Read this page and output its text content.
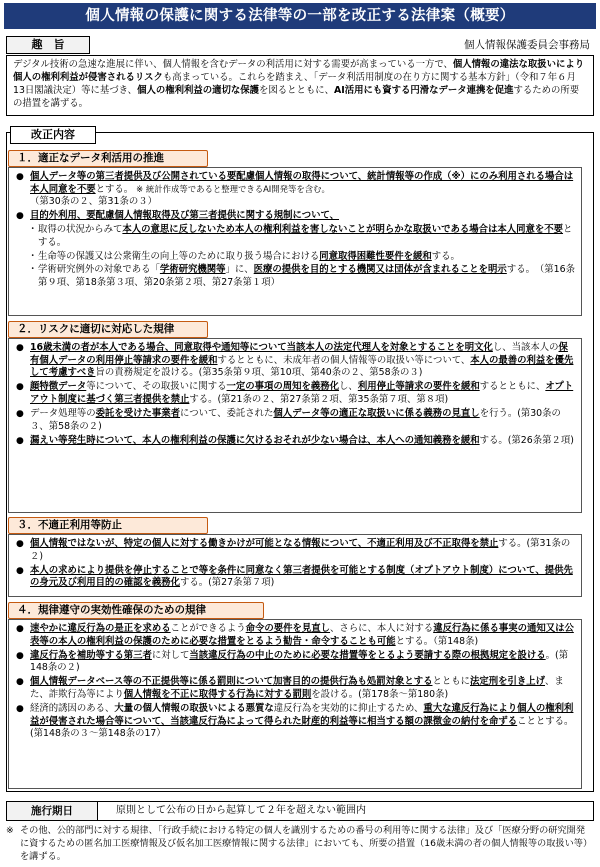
個人情報の保護に関する法律等の一部を改正する法律案（概要）
趣　旨	個人情報保護委員会事務局
デジタル技術の急速な進展に伴い、個人情報を含むデータの利活用に対する需要が高まっている一方で、個人情報の違法な取扱いにより個人の権利利益が侵害されるリスクも高まっている。これらを踏まえ、「データ利活用制度の在り方に関する基本方針」（令和７年６月13日閣議決定）等に基づき、個人の権利利益の適切な保護を図るとともに、AI活用にも資する円滑なデータ連携を促進するための所要の措置を講ずる。
改正内容
１．適正なデータ利活用の推進
● 個人データ等の第三者提供及び公開されている要配慮個人情報の取得について、統計情報等の作成（※）にのみ利用される場合は本人同意を不要とする。 ※ 統計作成等であると整理できるAI開発等を含む。
（第30条の２、第31条の３）
● 目的外利用、要配慮個人情報取得及び第三者提供に関する規制について、
・ 取得の状況からみて本人の意思に反しないため本人の権利利益を害しないことが明らかな取扱いである場合は本人同意を不要とする。
・ 生命等の保護又は公衆衛生の向上等のために取り扱う場合における同意取得困難性要件を緩和する。
・ 学術研究例外の対象である「学術研究機関等」に、医療の提供を目的とする機関又は団体が含まれることを明示する。　（第16条第９項、第18条第３項、第20条第２項、第27条第１項）
２．リスクに適切に対応した規律
● 16歳未満の者が本人である場合、同意取得や通知等について当該本人の法定代理人を対象とすることを明文化し、当該本人の保有個人データの利用停止等請求の要件を緩和するとともに、未成年者の個人情報等の取扱い等について、本人の最善の利益を優先して考慮すべき旨の責務規定を設ける。(第35条第９項、第10項、第40条の２、第58条の３)
● 顔特徴データ等について、その取扱いに関する一定の事項の周知を義務化し、利用停止等請求の要件を緩和するとともに、オプトアウト制度に基づく第三者提供を禁止する。(第21条の２、第27条第２項、第35条第７項、第８項)
● データ処理等の委託を受けた事業者について、委託された個人データ等の適正な取扱いに係る義務の見直しを行う。(第30条の３、第58条の２)
● 漏えい等発生時について、本人の権利利益の保護に欠けるおそれが少ない場合は、本人への通知義務を緩和する。(第26条第２項)
３．不適正利用等防止
● 個人情報ではないが、特定の個人に対する働きかけが可能となる情報について、不適正利用及び不正取得を禁止する。(第31条の２)
● 本人の求めにより提供を停止することで等を条件に同意なく第三者提供を可能とする制度（オプトアウト制度）について、提供先の身元及び利用目的の確認を義務化する。(第27条第７項)
４．規律遵守の実効性確保のための規律
● 速やかに違反行為の是正を求めることができるよう命令の要件を見直し、さらに、本人に対する違反行為に係る事実の通知又は公表等の本人の権利利益の保護のために必要な措置をとるよう勧告・命令することも可能とする。（第148条)
● 違反行為を補助等する第三者に対して当該違反行為の中止のために必要な措置等をとるよう要請する際の根拠規定を設ける。(第148条の２)
● 個人情報データベース等の不正提供等に係る罰則について加害目的の提供行為も処罰対象とするとともに法定刑を引き上げ、また、詐欺行為等により個人情報を不正に取得する行為に対する罰則を設ける。(第178条～第180条)
● 経済的誘因のある、大量の個人情報の取扱いによる悪質な違反行為を実効的に抑止するため、重大な違反行為により個人の権利利益が侵害された場合等について、当該違反行為によって得られた財産的利益等に相当する額の課徴金の納付を命ずることとする。(第148条の３～第148条の17）
施行期日	原則として公布の日から起算して２年を超えない範囲内
※ その他、公的部門に対する規律、「行政手続における特定の個人を識別するための番号の利用等に関する法律」及び「医療分野の研究開発に資するための匿名加工医療情報及び仮名加工医療情報に関する法律」においても、所要の措置（16歳未満の者の個人情報等の取扱い等）を講ずる。
